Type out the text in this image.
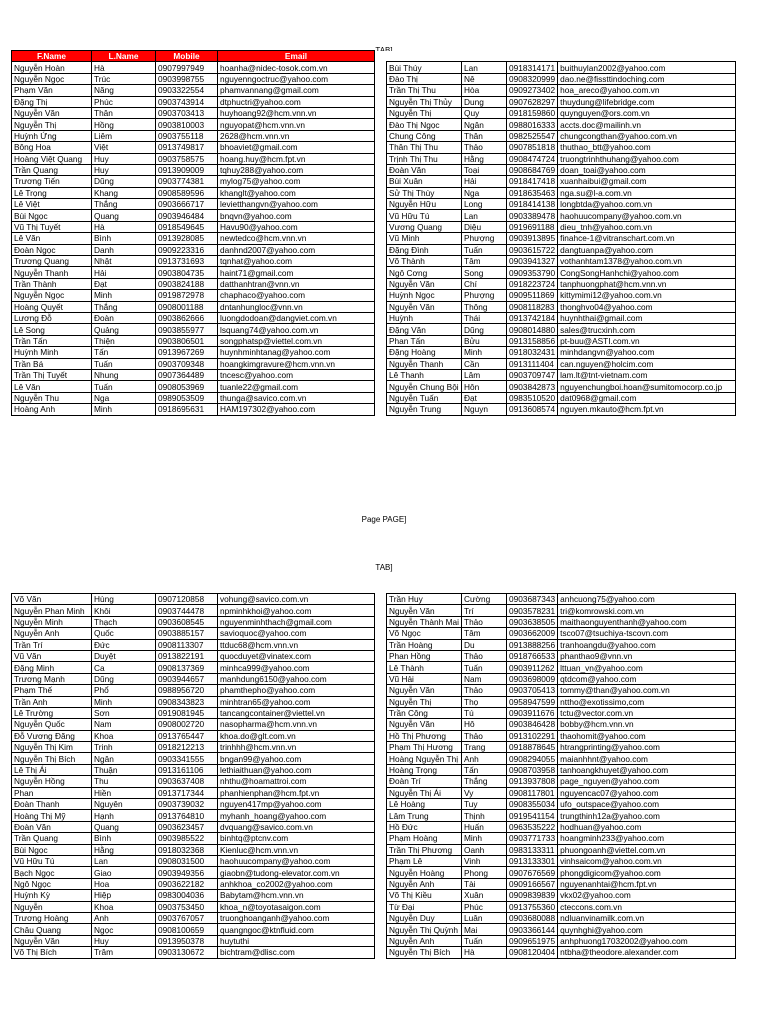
F.Name	L.Name	Mobile	Email					
Nguyễn Hoàn	Hà	0907997949	hoanha@nidec-tosok.com.vn		Bùi Thúy	Lan	0918314171	buithuylan2002@yahoo.com
Nguyễn Ngọc	Trúc	0903998755	nguyenngoctruc@yahoo.com		Đào Thị	Nê	0908320999	dao.ne@fissttindoching.com
Phạm Văn	Năng	0903322554	phamvannang@gmail.com		Trần Thị Thu	Hòa	0909273402	hoa_areco@yahoo.com.vn
Đặng Thị	Phúc	0903743914	dtphuctri@yahoo.com		Nguyễn Thị Thủy	Dung	0907628297	thuydung@lifebridge.com
Nguyễn Văn	Thân	0903703413	huyhoang92@hcm.vnn.vn		Nguyễn Thị	Quy	0918159860	quynguyen@ors.com.vn
Nguyễn Thị	Hồng	0903810003	nguyopat@hcm.vnn.vn		Đào Thị Ngọc	Ngân	0988016333	accts.doc@mailinh.vn
Huỳnh Ứng	Liêm	0903755118	2628@hcm.vnn.vn		Chung Công	Thân	0982525547	chungcongthan@yahoo.com.vn
Bông Hoa	Việt	0913749817	bhoaviet@gmail.com		Thân Thị Thu	Thảo	0907851818	thuthao_btt@yahoo.com
Hoàng Việt Quang	Huy	0903758575	hoang.huy@hcm.fpt.vn		Trịnh Thị Thu	Hằng	0908474724	truongtrinhthuhang@yahoo.com
Trần Quang	Huy	0913909009	tqhuy288@yahoo.com		Đoàn Văn	Toại	0908684769	doan_toai@yahoo.com
Trương Tiến	Dũng	0903774381	mylog75@yahoo.com		Bùi Xuân	Hải	0918417418	xuanhaibui@gmail.com
Lê Trọng	Khang	0908589596	khanglt@yahoo.com		Sử Thị Thùy	Nga	0918635463	nga.su@l-a.com.vn
Lê Việt	Thắng	0903666717	levietthangvn@yahoo.com		Nguyễn Hữu	Long	0918414138	longbtda@yahoo.com.vn
Bùi Ngọc	Quang	0903946484	bnqvn@yahoo.com		Vũ Hữu Tú	Lan	0903389478	haohuucompany@yahoo.com.vn
Vũ Thị Tuyết	Hà	0918549645	Havu90@yahoo.com		Vương Quang	Diệu	0919691188	dieu_tnh@yahoo.com.vn
Lê Văn	Bình	0913928085	newtedco@hcm.vnn.vn		Vũ Minh	Phượng	0903913895	finahce-1@vitranschart.com.vn
Đoàn Ngọc	Danh	0909223316	danhnd2007@yahoo.com		Đặng Đình	Tuấn	0903615722	dangtuanpa@yahoo.com
Trương Quang	Nhật	0913731693	tqnhat@yahoo.com		Võ Thành	Tâm	0903941327	vothanhtam1378@yahoo.com.vn
Nguyễn Thanh	Hải	0903804735	haint71@gmail.com		Ngô Cơng	Song	0909353790	CongSongHanhchi@yahoo.com
Trần Thành	Đạt	0903824188	datthanhtran@vnn.vn		Nguyễn Văn	Chí	0918223724	tanphuongphat@hcm.vnn.vn
Nguyễn Ngọc	Minh	0919872978	chaphaco@yahoo.com		Huỳnh Ngọc	Phượng	0909511869	kittymimi12@yahoo.com.vn
Hoàng Quyết	Thắng	0908001188	dntanhungloc@vnn.vn		Nguyễn Văn	Thông	0908118283	thonghvo04@yahoo.com
Lương Đỗ	Đoàn	0903862666	luongdodoan@dangviet.com.vn		Huỳnh	Thái	0913742184	huynhthai@gmail.com
Lê Song	Quảng	0903855977	lsquang74@yahoo.com.vn		Đặng Văn	Dũng	0908014880	sales@trucxinh.com
Trần Tấn	Thiện	0903806501	songphatsp@viettel.com.vn		Phan Tấn	Bửu	0913158856	pt-buu@ASTI.com.vn
Huỳnh Minh	Tấn	0913967269	huynhminhtanag@yahoo.com		Đặng Hoàng	Minh	0918032431	minhdangvn@yahoo.com
Trần Bá	Tuấn	0903709348	hoangkimgravure@hcm.vnn.vn		Nguyễn Thanh	Cần	0913111404	can.nguyen@holcim.com
Trần Thị Tuyết	Nhung	0907364489	tncesc@yahoo.com		Lê Thanh	Lâm	0903709747	lam.lt@tnt-vietnam.com
Lê Văn	Tuấn	0908053969	tuanle22@gmail.com		Nguyễn Chung Bội	Hôn	0903842873	nguyenchungboi.hoan@sumitomocorp.co.jp
Nguyễn Thu	Nga	0989053509	thunga@savico.com.vn		Nguyễn Tuấn	Đạt	0983510520	dat0968@gmail.com
Hoàng Anh	Minh	0918695631	HAM197302@yahoo.com		Nguyễn Trung	Nguyn	0913608574	nguyen.mkauto@hcm.fpt.vn
Page PAGE]
TAB]
Võ Văn	Hùng	0907120858	vohung@savico.com.vn		Trần Huy	Cường	0903687343	anhcuong75@yahoo.com
Nguyễn Phan Minh	Khôi	0903744478	npminhkhoi@yahoo.com		Nguyễn Văn	Trí	0903578231	tri@komrowski.com.vn
Nguyễn Minh	Thạch	0903608545	nguyenminhthach@gmail.com		Nguyễn Thành Mai	Thảo	0903638505	maithaonguyenthanh@yahoo.com
Nguyễn Anh	Quốc	0903885157	savioquoc@yahoo.com		Võ Ngọc	Tâm	0903662009	tsco07@tsuchiya-tscovn.com
Trần Trí	Đức	0908113307	ttduc68@hcm.vnn.vn		Trần Hoàng	Du	0913888256	tranhoangdu@yahoo.com
Vũ Văn	Duyệt	0913822191	quocduyet@vinatex.com		Phan Hồng	Thảo	0918766533	phanthao9@vnn.vn
Đặng Minh	Ca	0908137369	minhca999@yahoo.com		Lê Thành	Tuấn	0903911262	lttuan_vn@yahoo.com
Trương Mạnh	Dũng	0903944657	manhdung6150@yahoo.com		Vũ Hải	Nam	0903698009	qtdcom@yahoo.com
Phạm Thế	Phổ	0988956720	phamthepho@yahoo.com		Nguyễn Văn	Thảo	0903705413	tommy@than@yahoo.com.vn
Trần Anh	Minh	0908343823	minhtran65@yahoo.com		Nguyễn Thị	Thọ	0958947599	nttho@exotissimo,com
Lê Trường	Sơn	0919081945	tancangcontainer@viettel.vn		Trần Công	Tú	0903911676	tctu@vector.com.vn
Nguyễn Quốc	Nam	0908002720	nasopharma@hcm.vnn.vn		Nguyễn Văn	Hô	0903846428	bobby@hcm.vnn.vn
Đỗ Vương Đăng	Khoa	0913765447	khoa.do@glt.com.vn		Hồ Thị Phương	Thảo	0913102291	thaohomit@yahoo.com
Nguyễn Thị Kim	Trinh	0918212213	trinhhh@hcm.vnn.vn		Phạm Thị Hương	Trang	0918878645	htrangprinting@yahoo.com
Nguyễn Thị Bích	Ngân	0903341555	bngan99@yahoo.com		Hoàng Nguyễn Thị	Anh	0908294055	maianhhnt@yahoo.com
Lê Thị Ái	Thuận	0913161106	lethiaithuan@yahoo.com		Hoàng Trọng	Tấn	0908703958	tanhoangkhuyet@yahoo.com
Nguyễn Hồng	Thu	0903637408	nhthu@hoamattroi.com		Đoàn Trí	Thắng	0913937808	page_nguyen@yahoo.com
Phan	Hiền	0913717344	phanhienphan@hcm.fpt.vn		Nguyễn Thị Ái	Vy	0908117801	nguyencac07@yahoo.com
Đoàn Thanh	Nguyên	0903739032	nguyen417mp@yahoo.com		Lê Hoàng	Tuy	0908355034	ufo_outspace@yahoo.com
Hoàng Thị Mỹ	Hạnh	0913764810	myhanh_hoang@yahoo.com		Lâm Trung	Thịnh	0919541154	trungthinh12a@yahoo.com
Đoàn Văn	Quang	0903623457	dvquang@savico.com.vn		Hồ Đức	Huấn	0963535222	hodhuan@yahoo.com
Trần Quang	Bình	0903985522	binhtq@ptcnv.com		Phạm Hoàng	Minh	0903771733	hoangminh233@yahoo.com
Bùi Ngọc	Hằng	0918032368	Kienluc@hcm.vnn.vn		Trần Thị Phương	Oanh	0983133311	phuongoanh@viettel.com.vn
Vũ Hữu Tú	Lan	0908031500	haohuucompany@yahoo.com		Phạm Lê	Vinh	0913133301	vinhsaicom@yahoo.com.vn
Bạch Ngọc	Giao	0903949356	giaobn@tudong-elevator.com.vn		Nguyễn Hoàng	Phong	0907676569	phongdigicom@yahoo.com
Ngô Ngọc	Hoa	0903622182	anhkhoa_co2002@yahoo.com		Nguyễn Anh	Tài	0909166567	nguyenanhtai@hcm.fpt.vn
Huỳnh Kỳ	Hiệp	0983004036	Babytam@hcm.vnn.vn		Võ Thị Kiều	Xuân	0909839839	vkx02@yahoo.com
Nguyễn	Khoa	0903753450	khoa_n@toyotasaigon.com		Từ Đại	Phúc	0913755360	cteccons.com.vn
Trương Hoàng	Anh	0903767057	truonghoanganh@yahoo.com		Nguyễn Duy	Luân	0903680088	ndluanvinamilk.com.vn
Châu Quang	Ngọc	0908100659	quangngoc@ktnfluid.com		Nguyễn Thị Quỳnh	Mai	0903366144	quynhghi@yahoo.com
Nguyễn Văn	Huy	0913950378	huytuthi		Nguyễn Anh	Tuấn	0909651975	anhphuong17032002@yahoo.com
Võ Thị Bích	Trâm	0903130672	bichtram@dlisc.com		Nguyễn Thị Bích	Hà	0908120404	ntbha@theodore.alexander.com
